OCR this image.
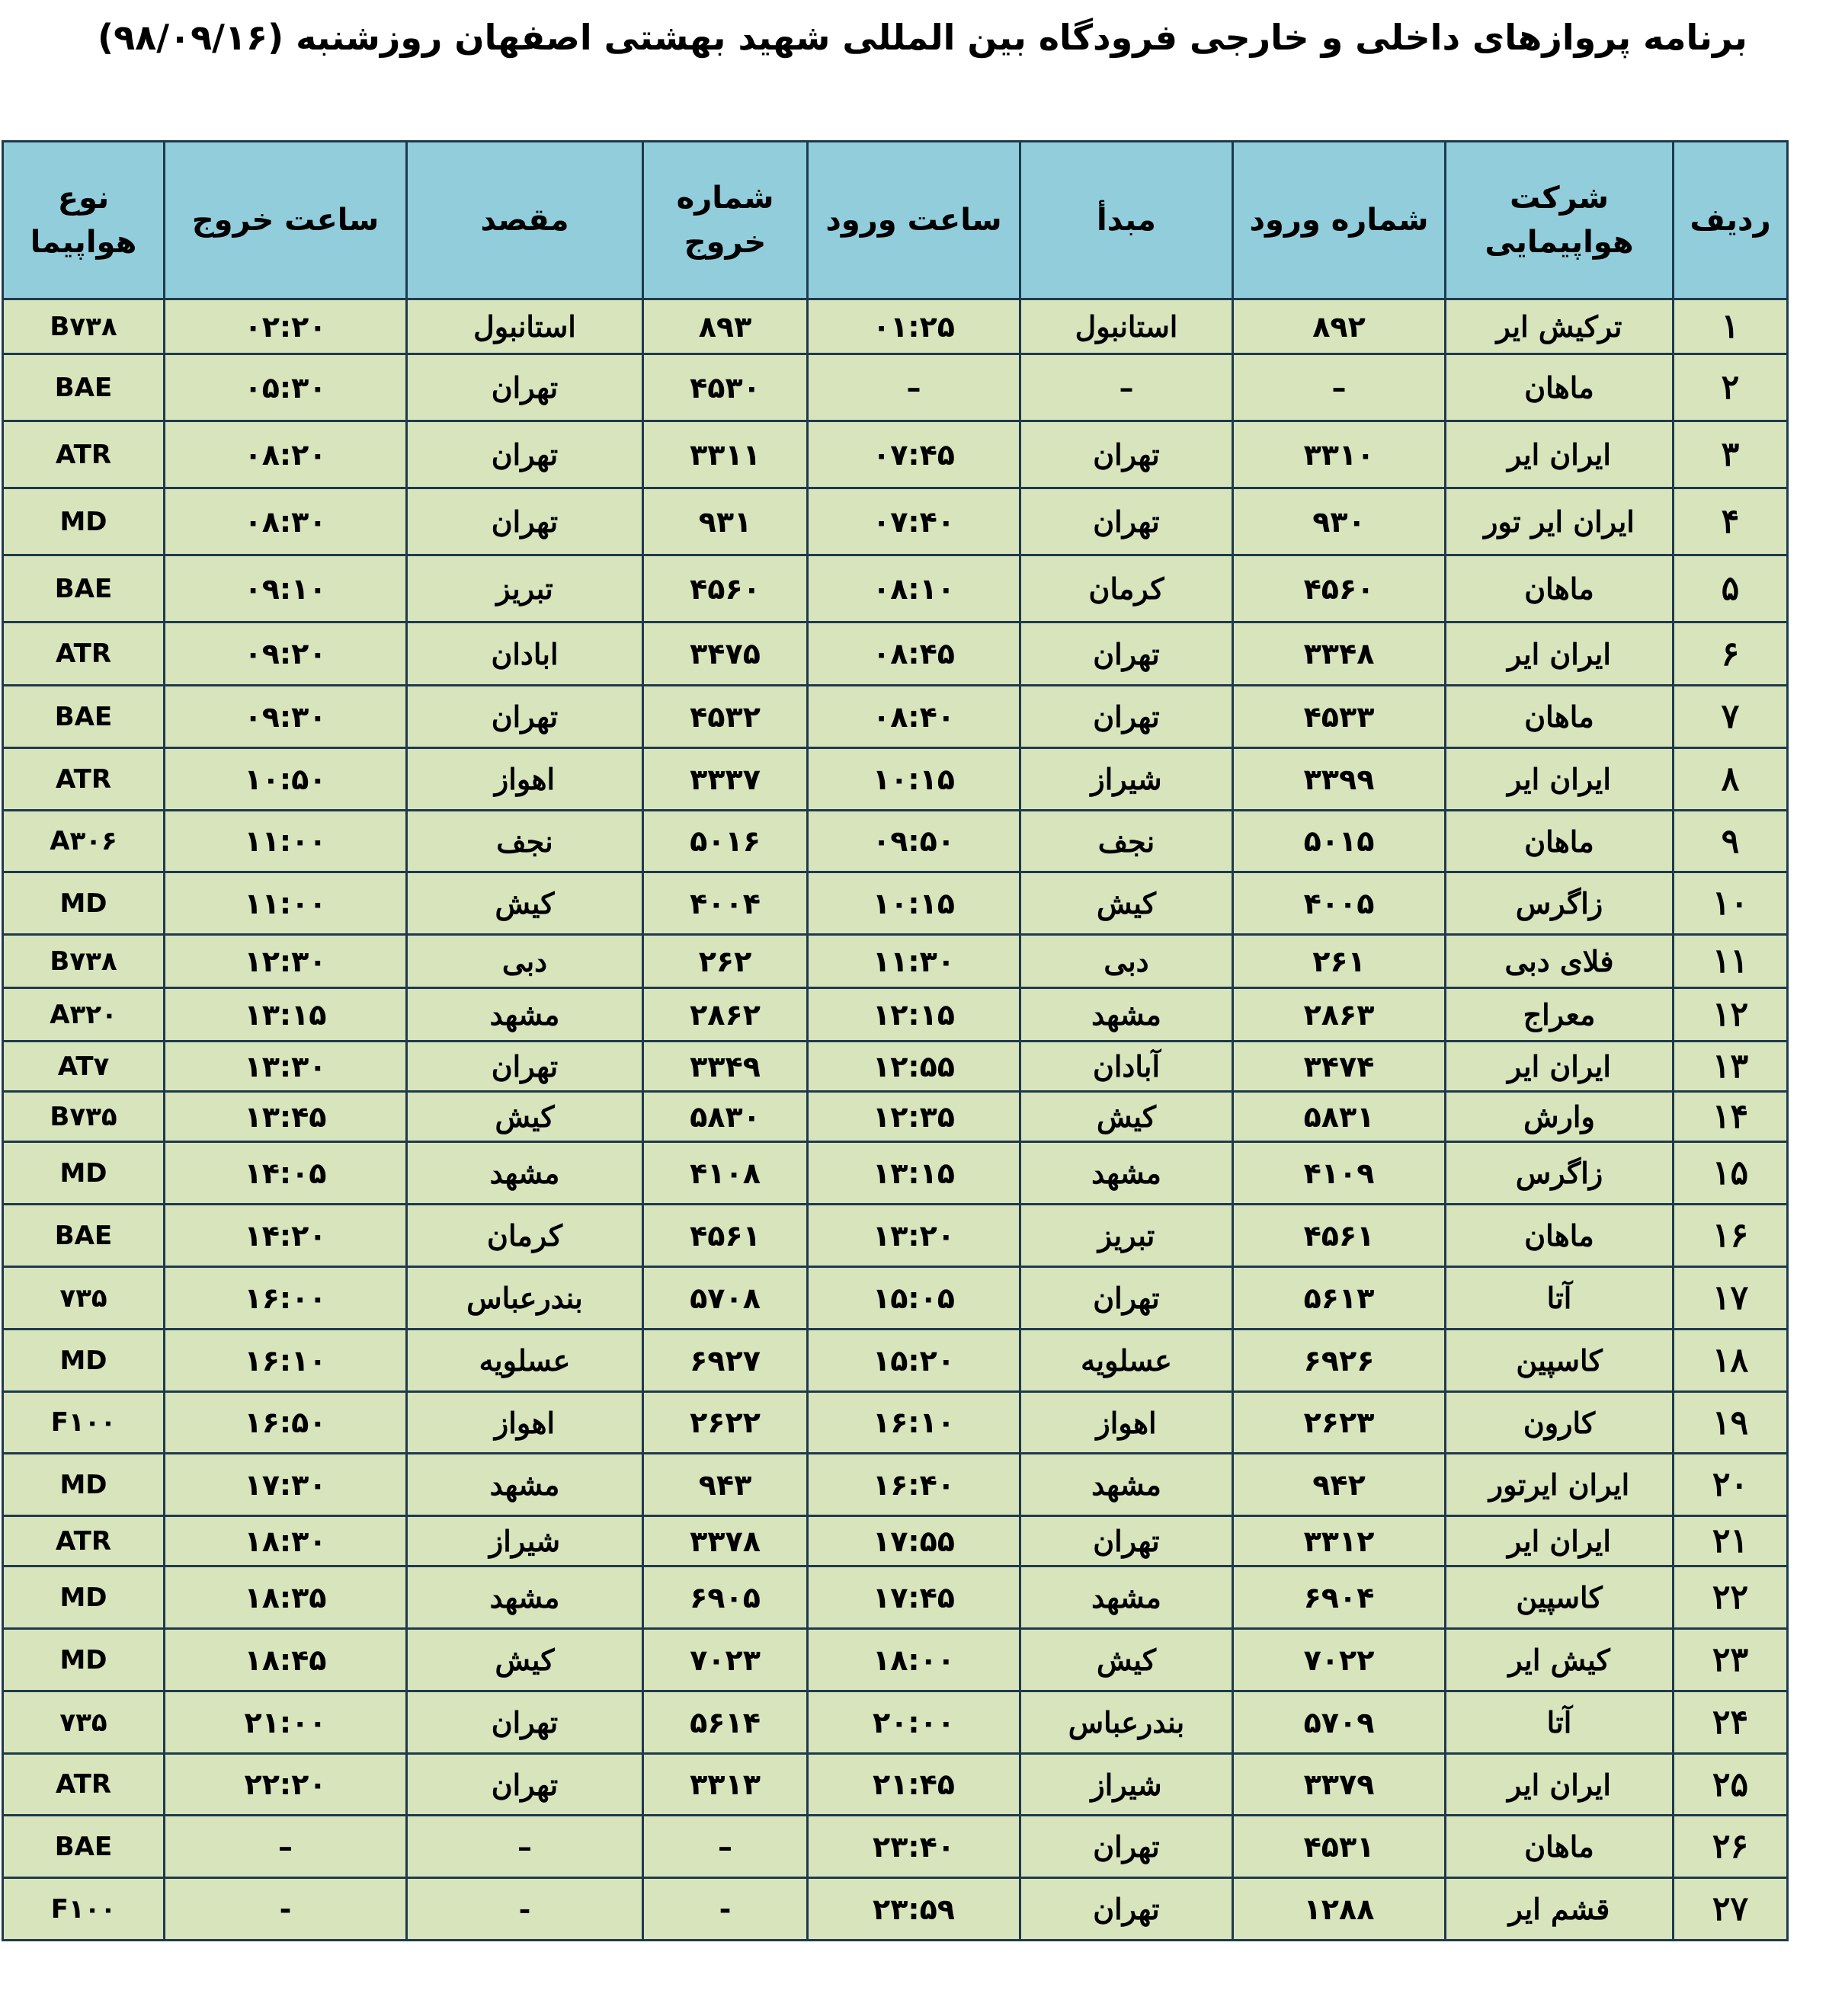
برنامه پروازهای داخلی و خارجی فرودگاه بین المللی شهید بهشتی اصفهان روزشنبه (۹۸/۰۹/۱۶)
ردیف	شرکت هواپیمایی	شماره ورود	مبدأ	ساعت ورود	شماره خروج	مقصد	ساعت خروج	نوع هواپیما
۱	ترکیش ایر	۸۹۲	استانبول	۰۱:۲۵	۸۹۳	استانبول	۰۲:۲۰	B۷۳۸
۲	ماهان	–	–	–	۴۵۳۰	تهران	۰۵:۳۰	BAE
۳	ایران ایر	۳۳۱۰	تهران	۰۷:۴۵	۳۳۱۱	تهران	۰۸:۲۰	ATR
۴	ایران ایر تور	۹۳۰	تهران	۰۷:۴۰	۹۳۱	تهران	۰۸:۳۰	MD
۵	ماهان	۴۵۶۰	کرمان	۰۸:۱۰	۴۵۶۰	تبریز	۰۹:۱۰	BAE
۶	ایران ایر	۳۳۴۸	تهران	۰۸:۴۵	۳۴۷۵	ابادان	۰۹:۲۰	ATR
۷	ماهان	۴۵۳۳	تهران	۰۸:۴۰	۴۵۳۲	تهران	۰۹:۳۰	BAE
۸	ایران ایر	۳۳۹۹	شیراز	۱۰:۱۵	۳۳۳۷	اهواز	۱۰:۵۰	ATR
۹	ماهان	۵۰۱۵	نجف	۰۹:۵۰	۵۰۱۶	نجف	۱۱:۰۰	A۳۰۶
۱۰	زاگرس	۴۰۰۵	کیش	۱۰:۱۵	۴۰۰۴	کیش	۱۱:۰۰	MD
۱۱	فلای دبی	۲۶۱	دبی	۱۱:۳۰	۲۶۲	دبی	۱۲:۳۰	B۷۳۸
۱۲	معراج	۲۸۶۳	مشهد	۱۲:۱۵	۲۸۶۲	مشهد	۱۳:۱۵	A۳۲۰
۱۳	ایران ایر	۳۴۷۴	آبادان	۱۲:۵۵	۳۳۴۹	تهران	۱۳:۳۰	AT۷
۱۴	وارش	۵۸۳۱	کیش	۱۲:۳۵	۵۸۳۰	کیش	۱۳:۴۵	B۷۳۵
۱۵	زاگرس	۴۱۰۹	مشهد	۱۳:۱۵	۴۱۰۸	مشهد	۱۴:۰۵	MD
۱۶	ماهان	۴۵۶۱	تبریز	۱۳:۲۰	۴۵۶۱	کرمان	۱۴:۲۰	BAE
۱۷	آتا	۵۶۱۳	تهران	۱۵:۰۵	۵۷۰۸	بندرعباس	۱۶:۰۰	۷۳۵
۱۸	کاسپین	۶۹۲۶	عسلویه	۱۵:۲۰	۶۹۲۷	عسلویه	۱۶:۱۰	MD
۱۹	کارون	۲۶۲۳	اهواز	۱۶:۱۰	۲۶۲۲	اهواز	۱۶:۵۰	F۱۰۰
۲۰	ایران ایرتور	۹۴۲	مشهد	۱۶:۴۰	۹۴۳	مشهد	۱۷:۳۰	MD
۲۱	ایران ایر	۳۳۱۲	تهران	۱۷:۵۵	۳۳۷۸	شیراز	۱۸:۳۰	ATR
۲۲	کاسپین	۶۹۰۴	مشهد	۱۷:۴۵	۶۹۰۵	مشهد	۱۸:۳۵	MD
۲۳	کیش ایر	۷۰۲۲	کیش	۱۸:۰۰	۷۰۲۳	کیش	۱۸:۴۵	MD
۲۴	آتا	۵۷۰۹	بندرعباس	۲۰:۰۰	۵۶۱۴	تهران	۲۱:۰۰	۷۳۵
۲۵	ایران ایر	۳۳۷۹	شیراز	۲۱:۴۵	۳۳۱۳	تهران	۲۲:۲۰	ATR
۲۶	ماهان	۴۵۳۱	تهران	۲۳:۴۰	–	–	–	BAE
۲۷	قشم ایر	۱۲۸۸	تهران	۲۳:۵۹	-	-	-	F۱۰۰
